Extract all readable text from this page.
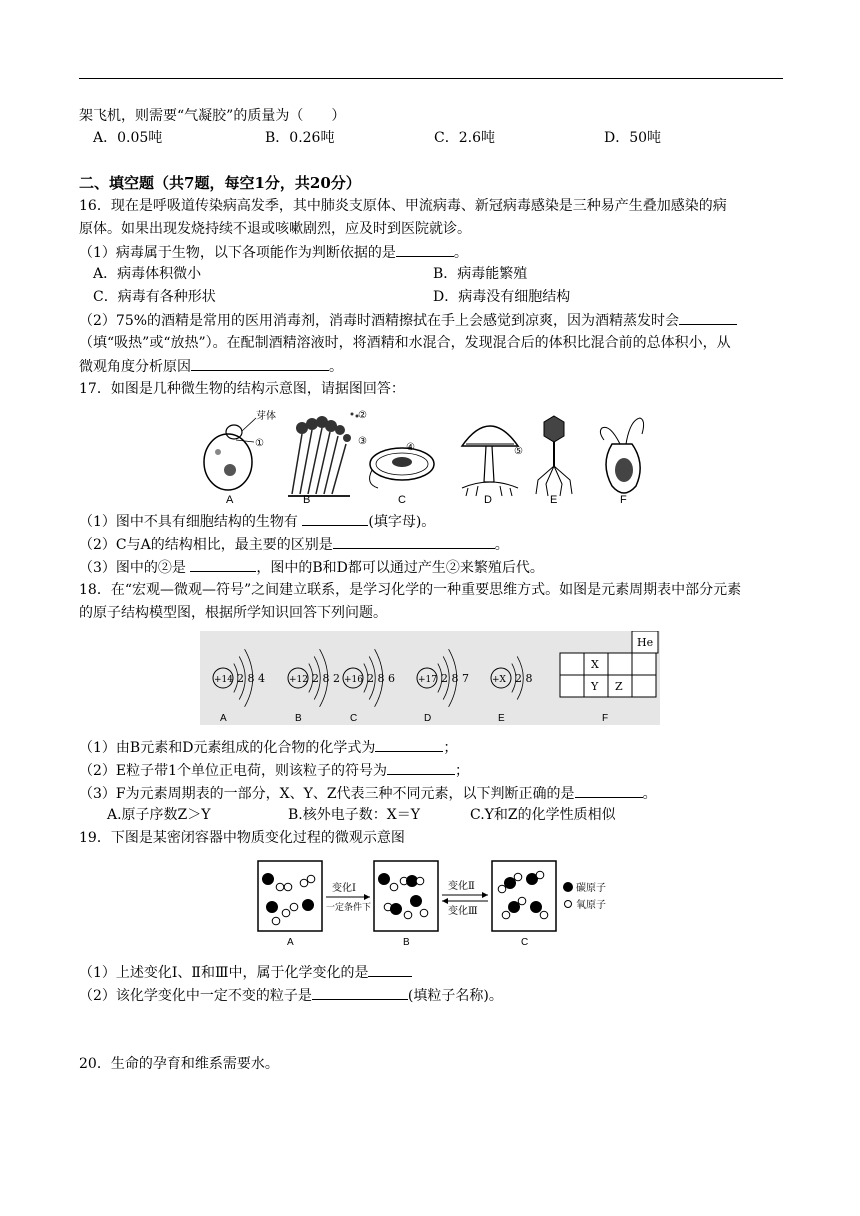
架飞机，则需要“气凝胶”的质量为（　　）
A．0.05吨	B．0.26吨	C．2.6吨	D．50吨
二、填空题（共7题，每空1分，共20分）
16．现在是呼吸道传染病高发季，其中肺炎支原体、甲流病毒、新冠病毒感染是三种易产生叠加感染的病
原体。如果出现发烧持续不退或咳嗽剧烈，应及时到医院就诊。
（1）病毒属于生物，以下各项能作为判断依据的是	。
A．病毒体积微小	B．病毒能繁殖
C．病毒有各种形状	D．病毒没有细胞结构
（2）75%的酒精是常用的医用消毒剂，消毒时酒精擦拭在手上会感觉到凉爽，因为酒精蒸发时会
（填“吸热”或“放热”）。在配制酒精溶液时，将酒精和水混合，发现混合后的体积比混合前的总体积小，从
微观角度分析原因	。
17．如图是几种微生物的结构示意图，请据图回答：
芽体
①
②
③
④	⑤
A	B	C	D	E	F
（1）图中不具有细胞结构的生物有	(填字母)。
（2）C与A的结构相比，最主要的区别是	。
（3）图中的②是	，图中的B和D都可以通过产生②来繁殖后代。
18．在“宏观—微观—符号”之间建立联系，是学习化学的一种重要思维方式。如图是元素周期表中部分元素
的原子结构模型图，根据所学知识回答下列问题。
+14 2 8 4
A
+12 2 8 2
B
+16 2 8 6
C
+17 2 8 7
D
+X 2 8
E
He
X
Y Z
F
（1）由B元素和D元素组成的化合物的化学式为	；
（2）E粒子带1个单位正电荷，则该粒子的符号为	；
（3）F为元素周期表的一部分，X、Y、Z代表三种不同元素，以下判断正确的是	。
A.原子序数Z＞Y	B.核外电子数：X＝Y	C.Y和Z的化学性质相似
19．下图是某密闭容器中物质变化过程的微观示意图
变化Ⅰ
一定条件下
变化Ⅱ
变化Ⅲ
碳原子
氧原子
A	B	C
（1）上述变化Ⅰ、Ⅱ和Ⅲ中，属于化学变化的是
（2）该化学变化中一定不变的粒子是	(填粒子名称)。
20．生命的孕育和维系需要水。
